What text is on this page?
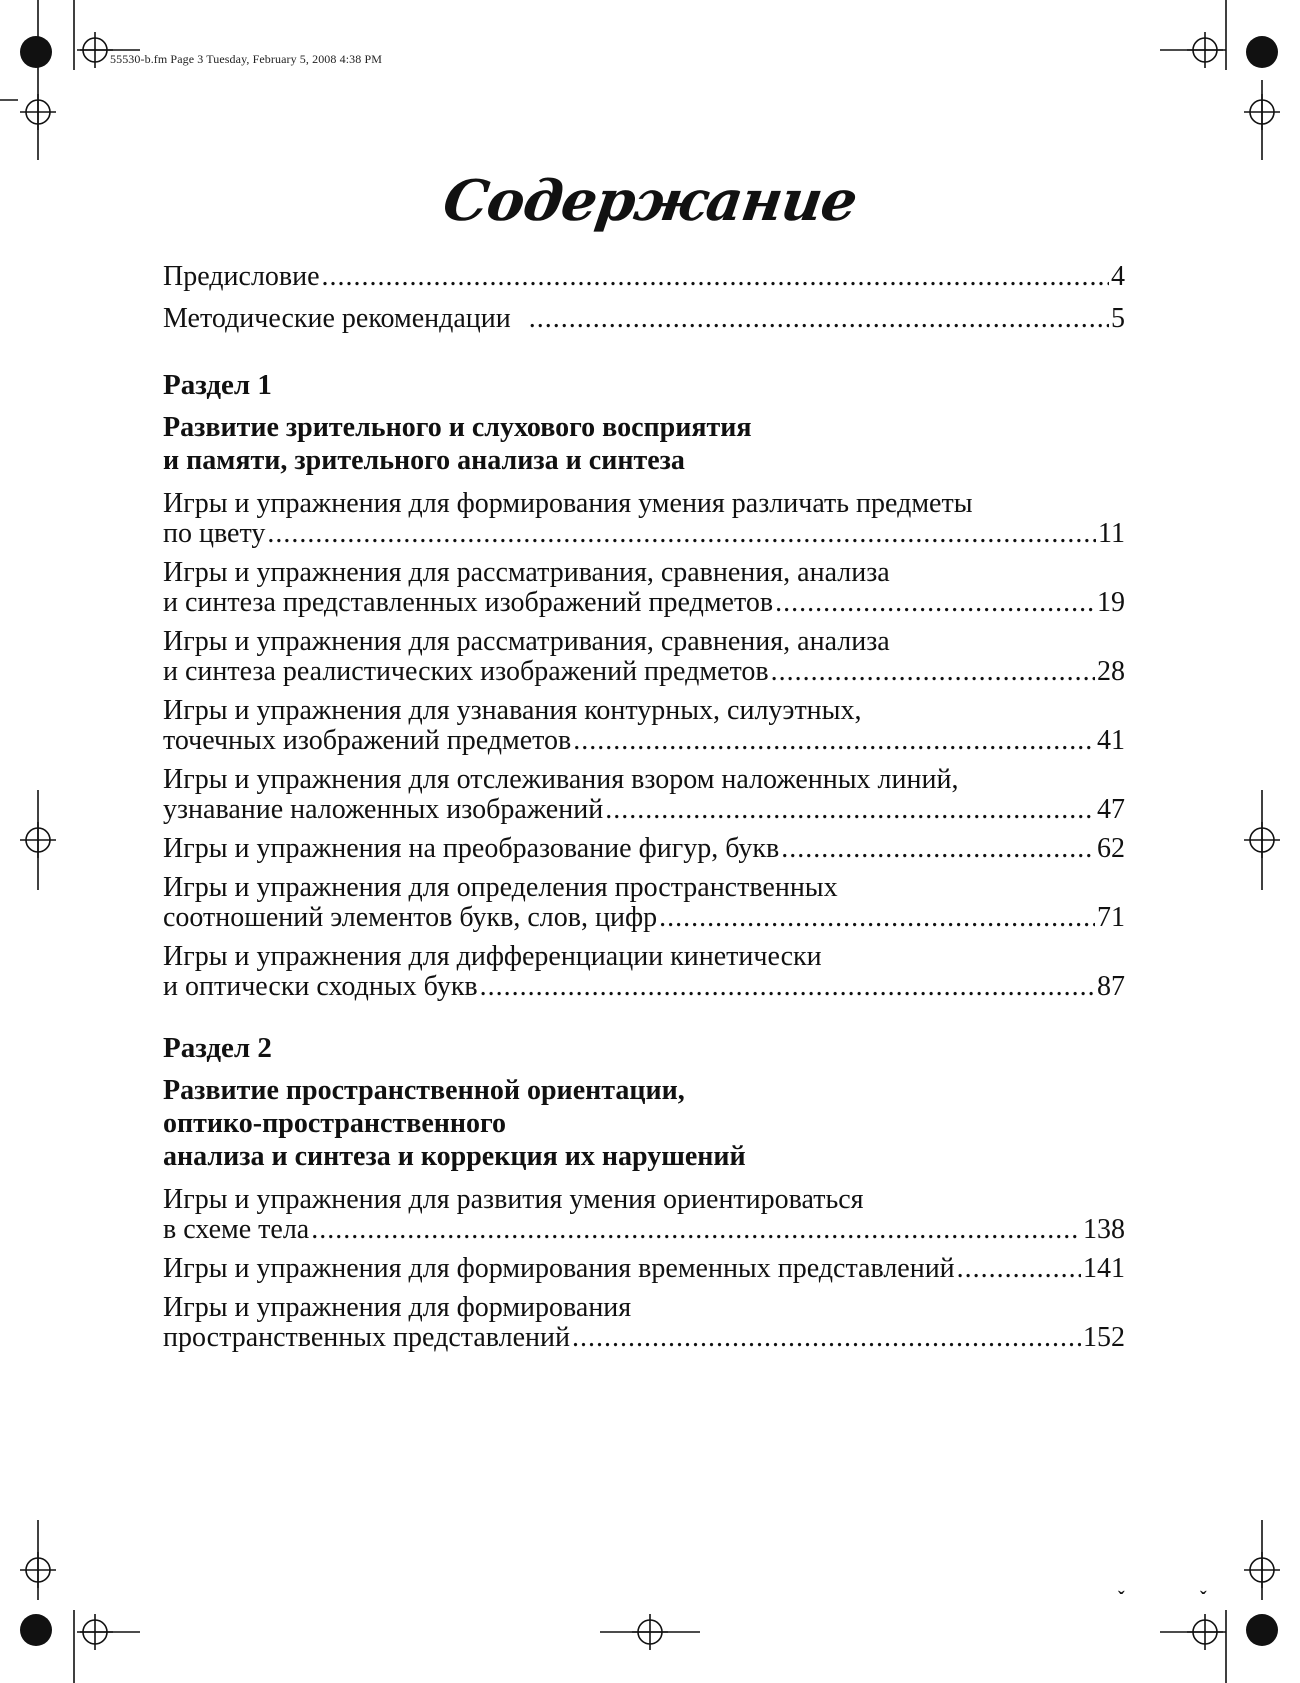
55530-b.fm Page 3 Tuesday, February 5, 2008 4:38 PM
Содержание
Предисловие .....	4
Методические рекомендации .....	5
Раздел 1
Развитие зрительного и слухового восприятия
и памяти, зрительного анализа и синтеза
Игры и упражнения для формирования умения различать предметы
по цвету .....	11
Игры и упражнения для рассматривания, сравнения, анализа
и синтеза представленных изображений предметов .....	19
Игры и упражнения для рассматривания, сравнения, анализа
и синтеза реалистических изображений предметов .....	28
Игры и упражнения для узнавания контурных, силуэтных,
точечных изображений предметов .....	41
Игры и упражнения для отслеживания взором наложенных линий,
узнавание наложенных изображений .....	47
Игры и упражнения на преобразование фигур, букв .....	62
Игры и упражнения для определения пространственных
соотношений элементов букв, слов, цифр .....	71
Игры и упражнения для дифференциации кинетически
и оптически сходных букв .....	87
Раздел 2
Развитие пространственной ориентации,
оптико-пространственного
анализа и синтеза и коррекция их нарушений
Игры и упражнения для развития умения ориентироваться
в схеме тела .....	138
Игры и упражнения для формирования временных представлений .....	141
Игры и упражнения для формирования
пространственных представлений .....	152
ˇ	ˇ
